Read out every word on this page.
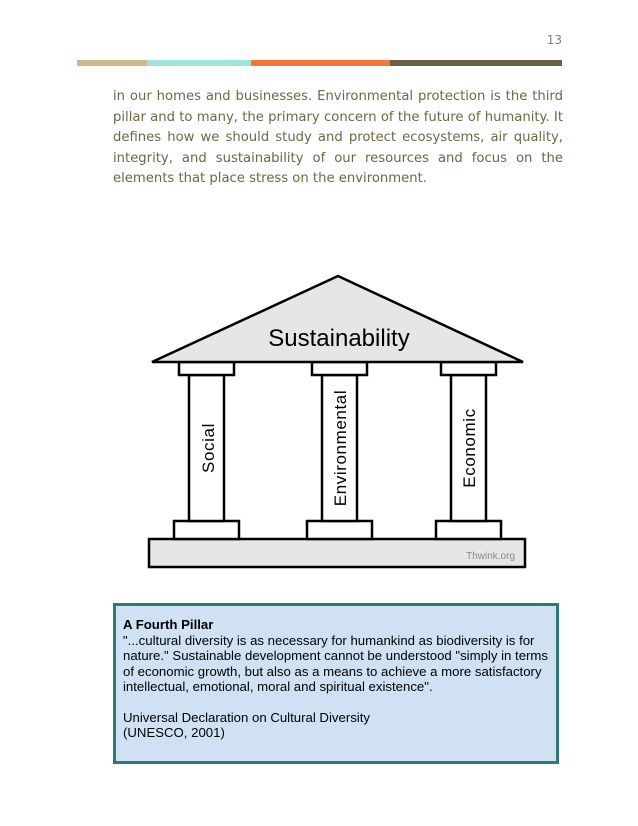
13

in our homes and businesses. Environmental protection is the third pillar and to many, the primary concern of the future of humanity. It defines how we should study and protect ecosystems, air quality, integrity, and sustainability of our resources and focus on the elements that place stress on the environment.

Sustainability
Social	Environmental	Economic
Thwink.org
A Fourth Pillar
"...cultural diversity is as necessary for humankind as biodiversity is for nature." Sustainable development cannot be understood "simply in terms of economic growth, but also as a means to achieve a more satisfactory intellectual, emotional, moral and spiritual existence".
Universal Declaration on Cultural Diversity
(UNESCO, 2001)
